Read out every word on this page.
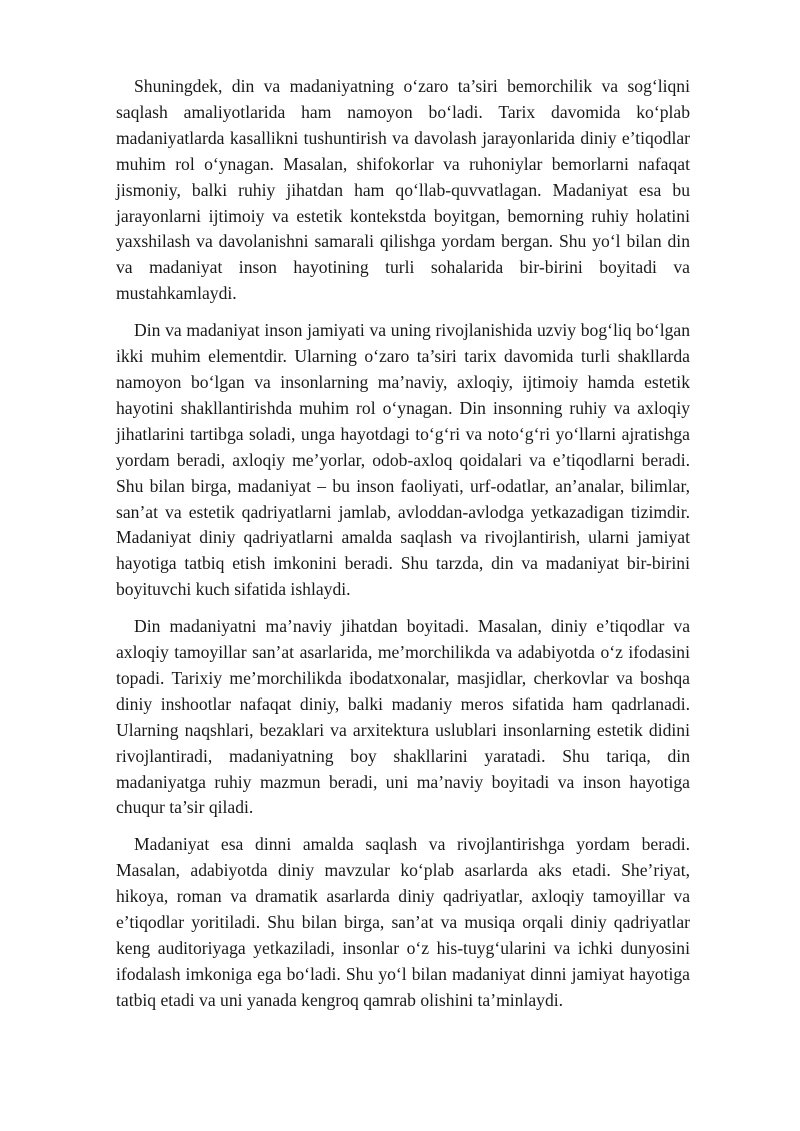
Shuningdek, din va madaniyatning o‘zaro ta’siri bemorchilik va sog‘liqni saqlash amaliyotlarida ham namoyon bo‘ladi. Tarix davomida ko‘plab madaniyatlarda kasallikni tushuntirish va davolash jarayonlarida diniy e’tiqodlar muhim rol o‘ynagan. Masalan, shifokorlar va ruhoniylar bemorlarni nafaqat jismoniy, balki ruhiy jihatdan ham qo‘llab-quvvatlagan. Madaniyat esa bu jarayonlarni ijtimoiy va estetik kontekstda boyitgan, bemorning ruhiy holatini yaxshilash va davolanishni samarali qilishga yordam bergan. Shu yo‘l bilan din va madaniyat inson hayotining turli sohalarida bir-birini boyitadi va mustahkamlaydi.

Din va madaniyat inson jamiyati va uning rivojlanishida uzviy bog‘liq bo‘lgan ikki muhim elementdir. Ularning o‘zaro ta’siri tarix davomida turli shakllarda namoyon bo‘lgan va insonlarning ma’naviy, axloqiy, ijtimoiy hamda estetik hayotini shakllantirishda muhim rol o‘ynagan. Din insonning ruhiy va axloqiy jihatlarini tartibga soladi, unga hayotdagi to‘g‘ri va noto‘g‘ri yo‘llarni ajratishga yordam beradi, axloqiy me’yorlar, odob-axloq qoidalari va e’tiqodlarni beradi. Shu bilan birga, madaniyat – bu inson faoliyati, urf-odatlar, an’analar, bilimlar, san’at va estetik qadriyatlarni jamlab, avloddan-avlodga yetkazadigan tizimdir. Madaniyat diniy qadriyatlarni amalda saqlash va rivojlantirish, ularni jamiyat hayotiga tatbiq etish imkonini beradi. Shu tarzda, din va madaniyat bir-birini boyituvchi kuch sifatida ishlaydi.

Din madaniyatni ma’naviy jihatdan boyitadi. Masalan, diniy e’tiqodlar va axloqiy tamoyillar san’at asarlarida, me’morchilikda va adabiyotda o‘z ifodasini topadi. Tarixiy me’morchilikda ibodatxonalar, masjidlar, cherkovlar va boshqa diniy inshootlar nafaqat diniy, balki madaniy meros sifatida ham qadrlanadi. Ularning naqshlari, bezaklari va arxitektura uslublari insonlarning estetik didini rivojlantiradi, madaniyatning boy shakllarini yaratadi. Shu tariqa, din madaniyatga ruhiy mazmun beradi, uni ma’naviy boyitadi va inson hayotiga chuqur ta’sir qiladi.

Madaniyat esa dinni amalda saqlash va rivojlantirishga yordam beradi. Masalan, adabiyotda diniy mavzular ko‘plab asarlarda aks etadi. She’riyat, hikoya, roman va dramatik asarlarda diniy qadriyatlar, axloqiy tamoyillar va e’tiqodlar yoritiladi. Shu bilan birga, san’at va musiqa orqali diniy qadriyatlar keng auditoriyaga yetkaziladi, insonlar o‘z his-tuyg‘ularini va ichki dunyosini ifodalash imkoniga ega bo‘ladi. Shu yo‘l bilan madaniyat dinni jamiyat hayotiga tatbiq etadi va uni yanada kengroq qamrab olishini ta’minlaydi.
